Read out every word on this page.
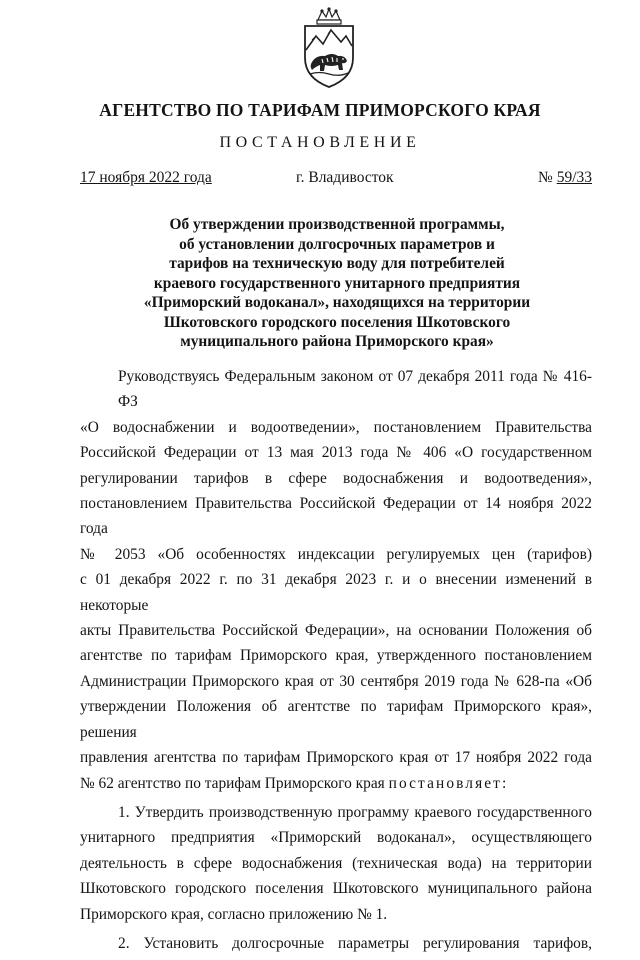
АГЕНТСТВО ПО ТАРИФАМ ПРИМОРСКОГО КРАЯ
ПОСТАНОВЛЕНИЕ
17 ноября 2022 года	г. Владивосток	№ 59/33
Об утверждении производственной программы,
об установлении долгосрочных параметров и
тарифов на техническую воду для потребителей
краевого государственного унитарного предприятия
«Приморский водоканал», находящихся на территории
Шкотовского городского поселения Шкотовского
муниципального района Приморского края»
Руководствуясь Федеральным законом от 07 декабря 2011 года № 416-ФЗ
«О водоснабжении и водоотведении», постановлением Правительства
Российской Федерации от 13 мая 2013 года № 406 «О государственном
регулировании тарифов в сфере водоснабжения и водоотведения»,
постановлением Правительства Российской Федерации от 14 ноября 2022 года
№ 2053 «Об особенностях индексации регулируемых цен (тарифов)
с 01 декабря 2022 г. по 31 декабря 2023 г. и о внесении изменений в некоторые
акты Правительства Российской Федерации», на основании Положения об
агентстве по тарифам Приморского края, утвержденного постановлением
Администрации Приморского края от 30 сентября 2019 года № 628-па «Об
утверждении Положения об агентстве по тарифам Приморского края», решения
правления агентства по тарифам Приморского края от 17 ноября 2022 года
№ 62 агентство по тарифам Приморского края постановляет:
1. Утвердить производственную программу краевого государственного
унитарного предприятия «Приморский водоканал», осуществляющего
деятельность в сфере водоснабжения (техническая вода) на территории
Шкотовского городского поселения Шкотовского муниципального района
Приморского края, согласно приложению № 1.
2. Установить долгосрочные параметры регулирования тарифов,
